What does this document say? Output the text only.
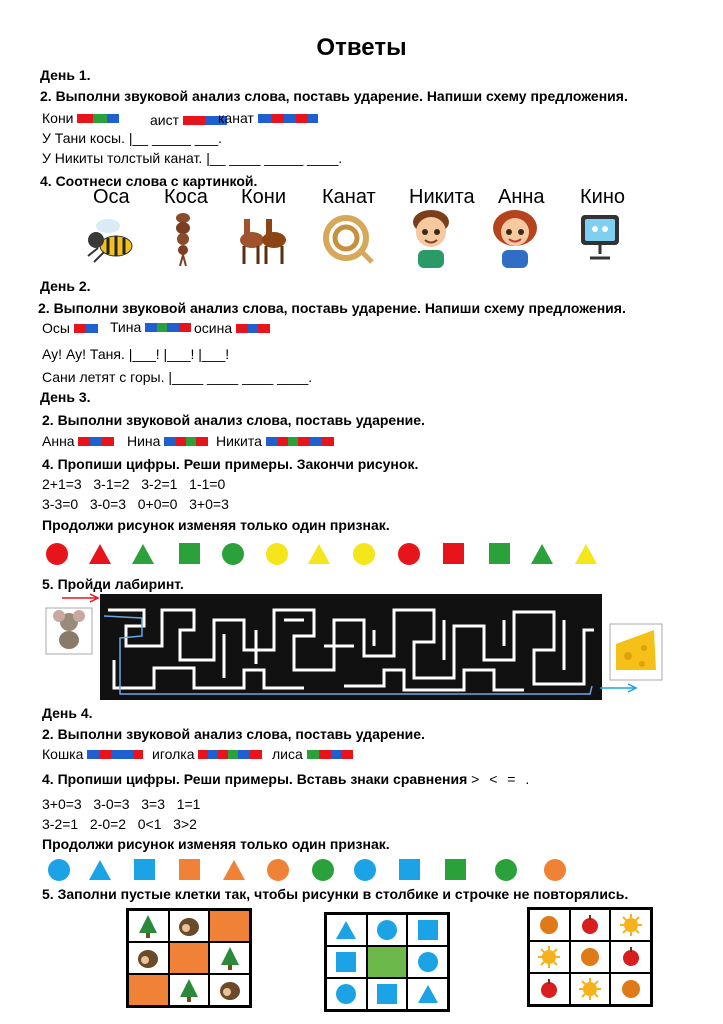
Ответы
День 1.
2. Выполни звуковой анализ слова, поставь ударение. Напиши схему предложения.
Кони	аист	канат
У Тани косы. |__ _____ ___.
У Никиты толстый канат. |__ ____ _____ ____.
4. Соотнеси слова с картинкой.
Оса Коса Кони Канат Никита Анна Кино
День 2.
2. Выполни звуковой анализ слова, поставь ударение. Напиши схему предложения.
Осы	Тина	осина
Ау! Ау! Таня. |___! |___! |___!
Сани летят с горы. |____ ____ ____ ____.
День 3.
2. Выполни звуковой анализ слова, поставь ударение.
Анна	Нина	Никита
4. Пропиши цифры. Реши примеры. Закончи рисунок.
2+1=3 3-1=2 3-2=1 1-1=0
3-3=0 3-0=3 0+0=0 3+0=3
Продолжи рисунок изменяя только один признак.
5. Пройди лабиринт.
День 4.
2. Выполни звуковой анализ слова, поставь ударение.
Кошка	иголка	лиса
4. Пропиши цифры. Реши примеры. Вставь знаки сравнения > < = .
3+0=3 3-0=3 3=3 1=1
3-2=1 2-0=2 0<1 3>2
Продолжи рисунок изменяя только один признак.
5. Заполни пустые клетки так, чтобы рисунки в столбике и строчке не повторялись.
